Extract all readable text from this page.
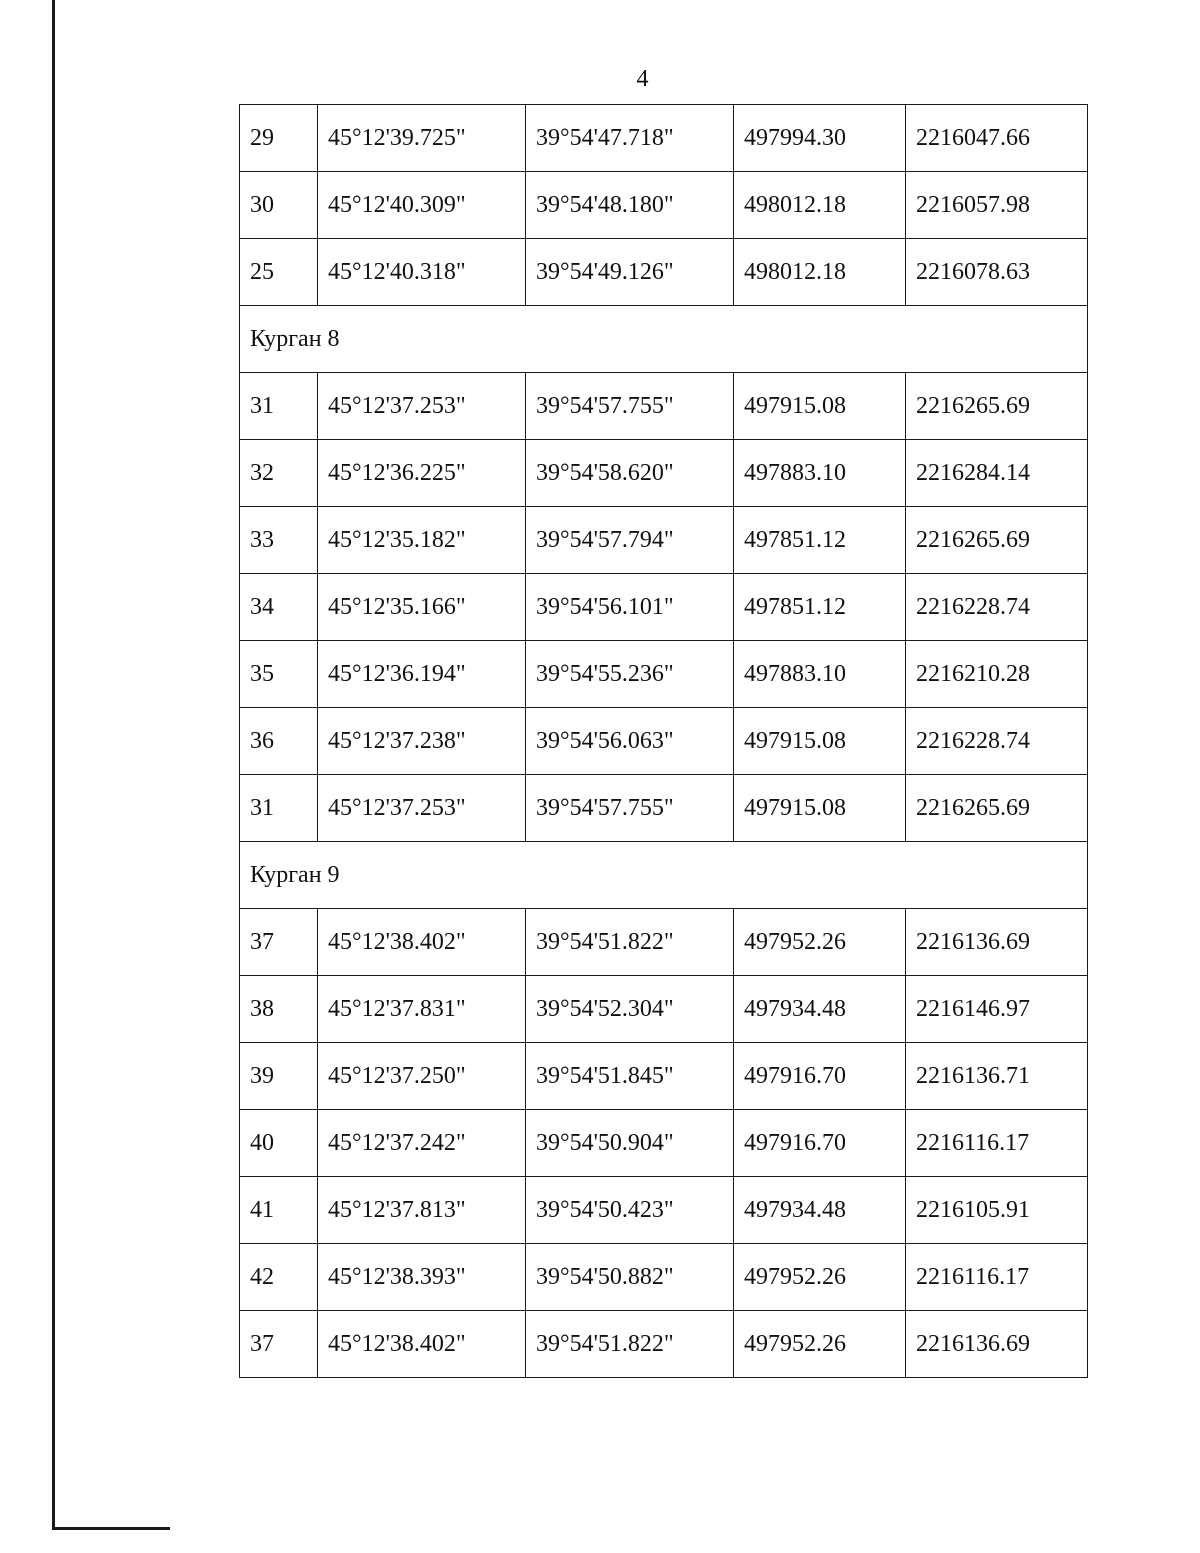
4
29	45°12'39.725"	39°54'47.718"	497994.30	2216047.66
30	45°12'40.309"	39°54'48.180"	498012.18	2216057.98
25	45°12'40.318"	39°54'49.126"	498012.18	2216078.63
Курган 8				
31	45°12'37.253"	39°54'57.755"	497915.08	2216265.69
32	45°12'36.225"	39°54'58.620"	497883.10	2216284.14
33	45°12'35.182"	39°54'57.794"	497851.12	2216265.69
34	45°12'35.166"	39°54'56.101"	497851.12	2216228.74
35	45°12'36.194"	39°54'55.236"	497883.10	2216210.28
36	45°12'37.238"	39°54'56.063"	497915.08	2216228.74
31	45°12'37.253"	39°54'57.755"	497915.08	2216265.69
Курган 9				
37	45°12'38.402"	39°54'51.822"	497952.26	2216136.69
38	45°12'37.831"	39°54'52.304"	497934.48	2216146.97
39	45°12'37.250"	39°54'51.845"	497916.70	2216136.71
40	45°12'37.242"	39°54'50.904"	497916.70	2216116.17
41	45°12'37.813"	39°54'50.423"	497934.48	2216105.91
42	45°12'38.393"	39°54'50.882"	497952.26	2216116.17
37	45°12'38.402"	39°54'51.822"	497952.26	2216136.69
